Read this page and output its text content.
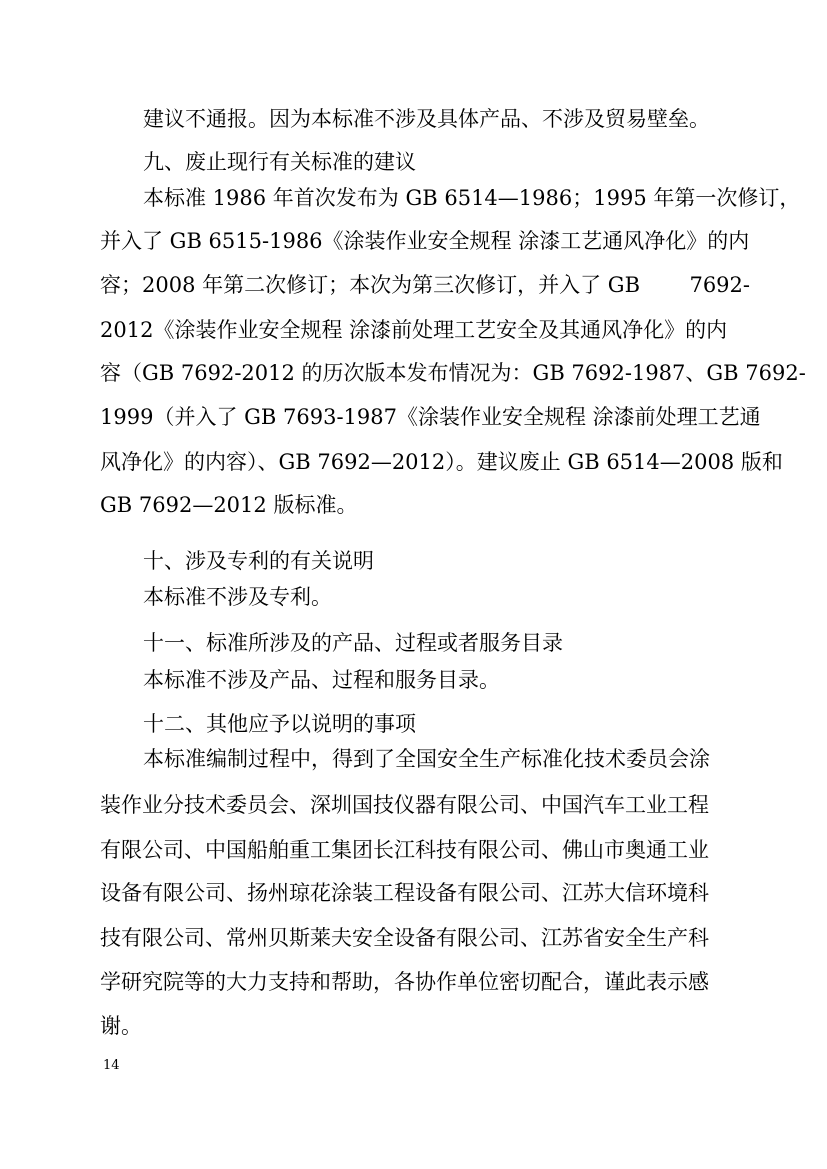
建议不通报。因为本标准不涉及具体产品、不涉及贸易壁垒。
九、废止现行有关标准的建议
本标准 1986 年首次发布为 GB 6514—1986；1995 年第一次修订，
并入了 GB 6515-1986《涂装作业安全规程 涂漆工艺通风净化》的内
容；2008 年第二次修订；本次为第三次修订，并入了 GB 7692-
2012《涂装作业安全规程 涂漆前处理工艺安全及其通风净化》的内
容（GB 7692-2012 的历次版本发布情况为：GB 7692-1987、GB 7692-
1999（并入了 GB 7693-1987《涂装作业安全规程 涂漆前处理工艺通
风净化》的内容）、GB 7692—2012）。建议废止 GB 6514—2008 版和
GB 7692—2012 版标准。
十、涉及专利的有关说明
本标准不涉及专利。
十一、标准所涉及的产品、过程或者服务目录
本标准不涉及产品、过程和服务目录。
十二、其他应予以说明的事项
本标准编制过程中，得到了全国安全生产标准化技术委员会涂
装作业分技术委员会、深圳国技仪器有限公司、中国汽车工业工程
有限公司、中国船舶重工集团长江科技有限公司、佛山市奥通工业
设备有限公司、扬州琼花涂装工程设备有限公司、江苏大信环境科
技有限公司、常州贝斯莱夫安全设备有限公司、江苏省安全生产科
学研究院等的大力支持和帮助，各协作单位密切配合，谨此表示感
谢。
14
